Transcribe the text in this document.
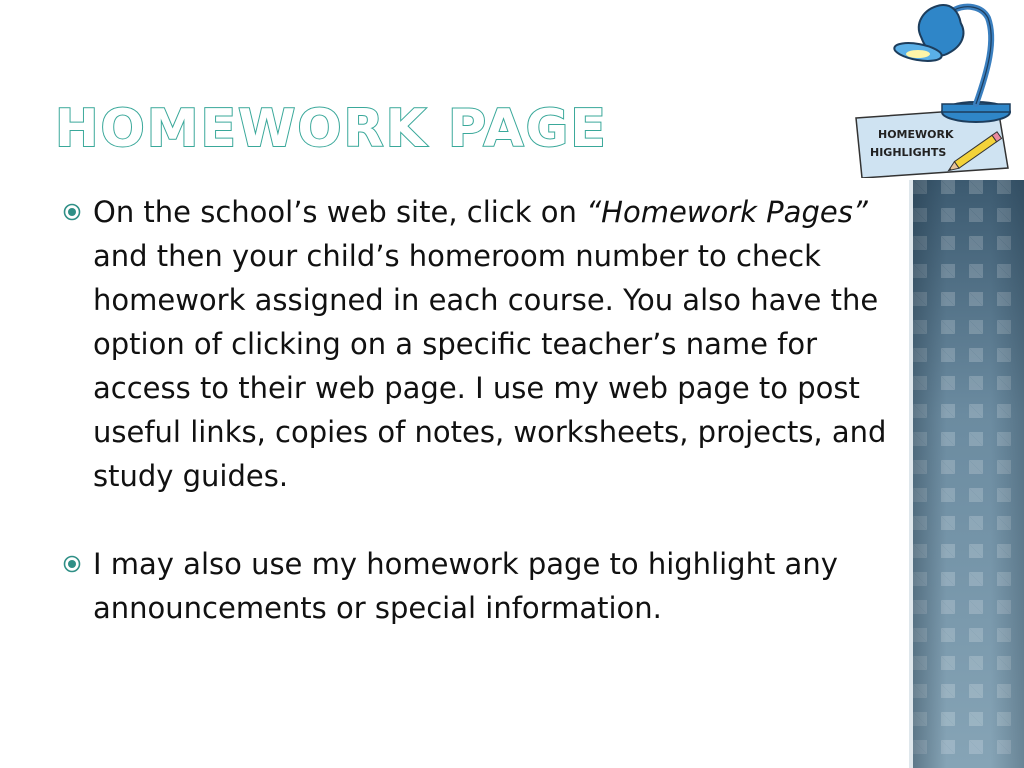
HOMEWORK PAGE	HOMEWORK
HIGHLIGHTS
On the school’s web site, click on “Homework Pages” and then your child’s homeroom number to check homework assigned in each course. You also have the option of clicking on a specific teacher’s name for access to their web page. I use my web page to post useful links, copies of notes, worksheets, projects, and study guides.
I may also use my homework page to highlight any announcements or special information.
